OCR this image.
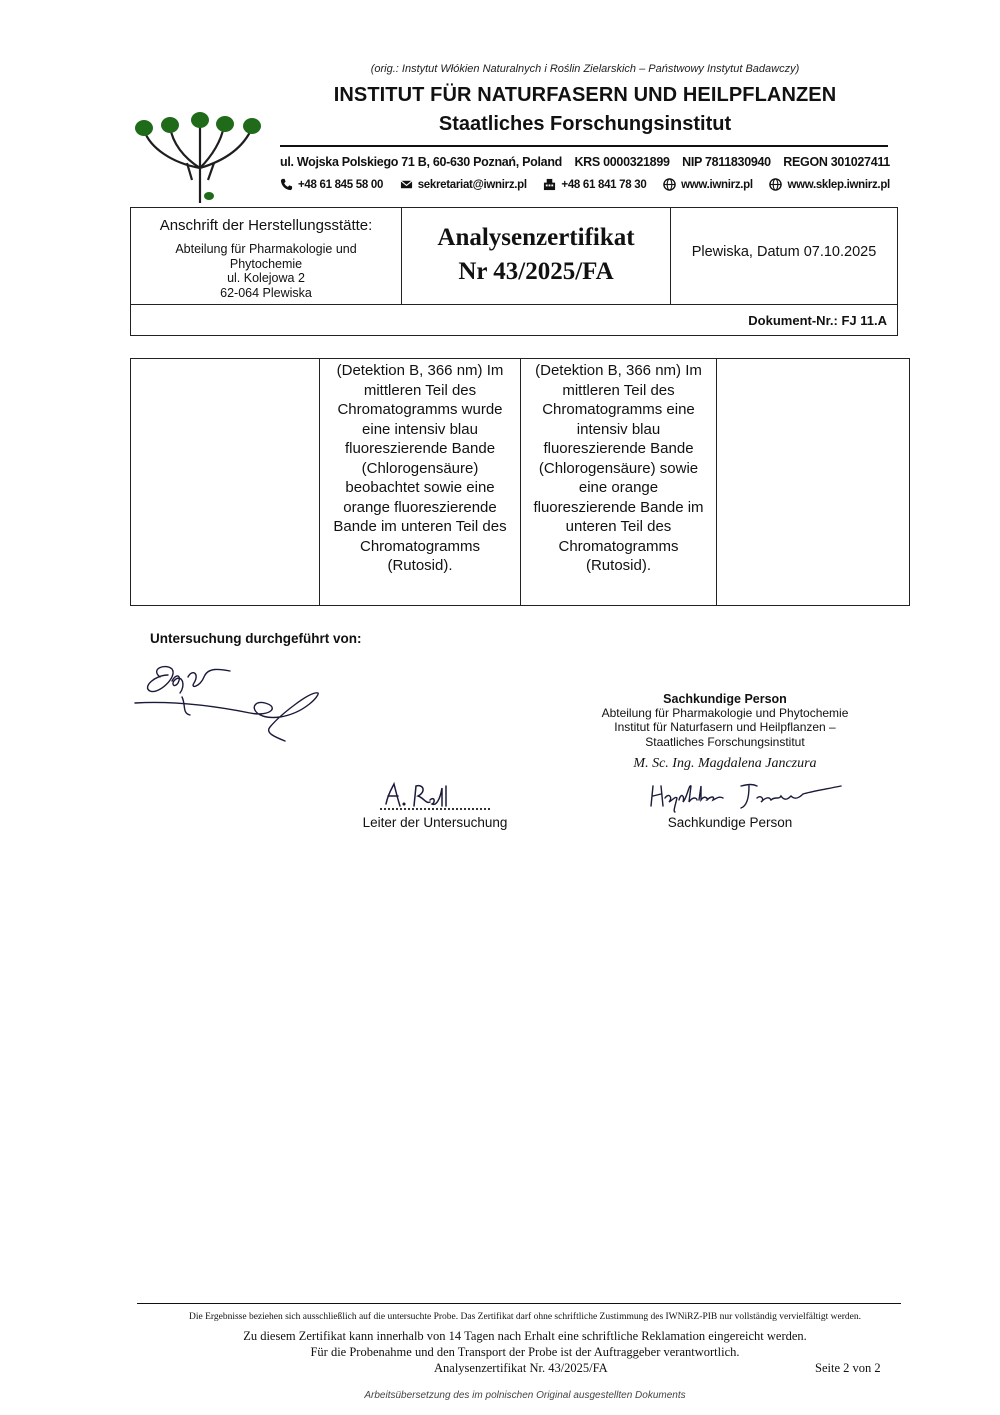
(orig.: Instytut Włókien Naturalnych i Roślin Zielarskich – Państwowy Instytut Badawczy)
INSTITUT FÜR NATURFASERN UND HEILPFLANZEN
Staatliches Forschungsinstitut
ul. Wojska Polskiego 71 B, 60-630 Poznań, Poland KRS 0000321899 NIP 7811830940 REGON 301027411
+48 61 845 58 00	sekretariat@iwnirz.pl	+48 61 841 78 30	www.iwnirz.pl	www.sklep.iwnirz.pl
Anschrift der Herstellungsstätte:
Abteilung für Pharmakologie und
Phytochemie
ul. Kolejowa 2
62-064 Plewiska

Analysenzertifikat
Nr 43/2025/FA

Plewiska, Datum 07.10.2025

Dokument-Nr.: FJ 11.A
	(Detektion B, 366 nm) Im mittleren Teil des Chromatogramms wurde eine intensiv blau fluoreszierende Bande (Chlorogensäure) beobachtet sowie eine orange fluoreszierende Bande im unteren Teil des Chromatogramms (Rutosid).	(Detektion B, 366 nm) Im mittleren Teil des Chromatogramms eine intensiv blau fluoreszierende Bande (Chlorogensäure) sowie eine orange fluoreszierende Bande im unteren Teil des Chromatogramms (Rutosid).	
Untersuchung durchgeführt von:
Sachkundige Person
Abteilung für Pharmakologie und Phytochemie
Institut für Naturfasern und Heilpflanzen –
Staatliches Forschungsinstitut
M. Sc. Ing. Magdalena Janczura
Leiter der Untersuchung	Sachkundige Person
Die Ergebnisse beziehen sich ausschließlich auf die untersuchte Probe. Das Zertifikat darf ohne schriftliche Zustimmung des IWNiRZ-PIB nur vollständig vervielfältigt werden.
Zu diesem Zertifikat kann innerhalb von 14 Tagen nach Erhalt eine schriftliche Reklamation eingereicht werden.
Für die Probenahme und den Transport der Probe ist der Auftraggeber verantwortlich.
Analysenzertifikat Nr. 43/2025/FA	Seite 2 von 2
Arbeitsübersetzung des im polnischen Original ausgestellten Dokuments
